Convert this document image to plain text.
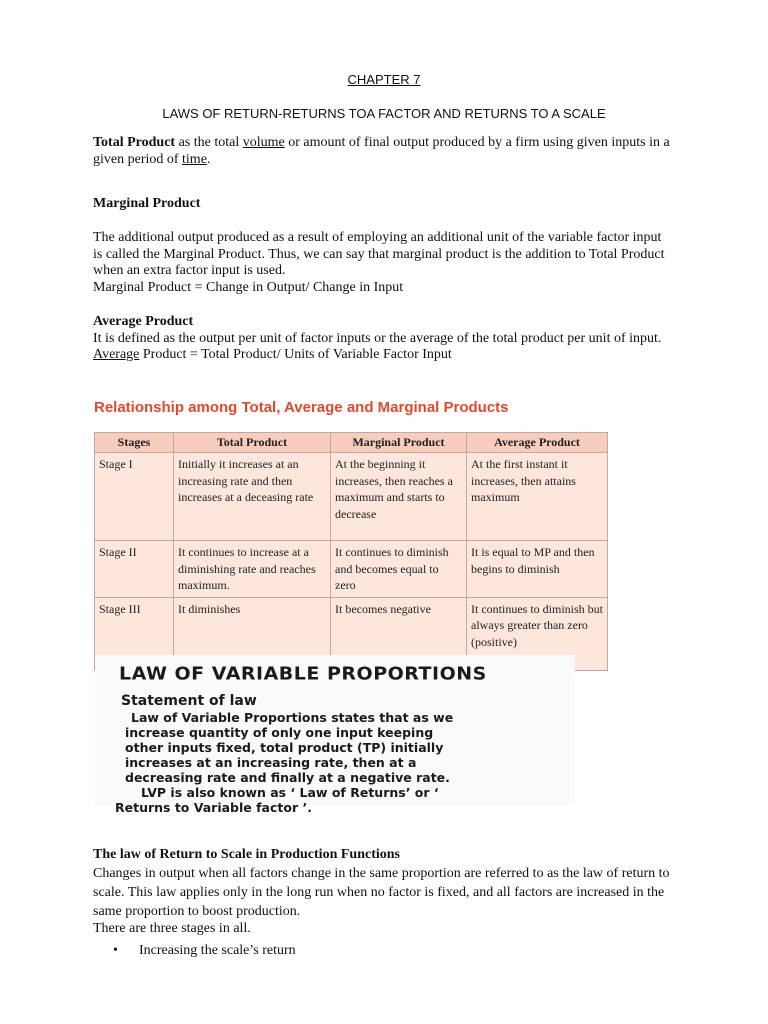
CHAPTER 7
LAWS OF RETURN-RETURNS TOA FACTOR AND RETURNS TO A SCALE

Total Product as the total volume or amount of final output produced by a firm using given inputs in a given period of time.

Marginal Product

The additional output produced as a result of employing an additional unit of the variable factor input is called the Marginal Product. Thus, we can say that marginal product is the addition to Total Product when an extra factor input is used.

Marginal Product = Change in Output/ Change in Input

Average Product

It is defined as the output per unit of factor inputs or the average of the total product per unit of input.

Average Product = Total Product/ Units of Variable Factor Input

Relationship among Total, Average and Marginal Products
Stages	Total Product	Marginal Product	Average Product
Stage I	Initially it increases at an increasing rate and then increases at a deceasing rate	At the beginning it increases, then reaches a maximum and starts to decrease	At the first instant it increases, then attains maximum
Stage II	It continues to increase at a diminishing rate and reaches maximum.	It continues to diminish and becomes equal to zero	It is equal to MP and then begins to diminish
Stage III	It diminishes	It becomes negative	It continues to diminish but always greater than zero (positive)
LAW OF VARIABLE PROPORTIONS
Statement of law

Law of Variable Proportions states that as we

increase quantity of only one input keeping

other inputs fixed, total product (TP) initially

increases at an increasing rate, then at a

decreasing rate and finally at a negative rate.

LVP is also known as ‘ Law of Returns’ or ‘

Returns to Variable factor ’.

The law of Return to Scale in Production Functions

Changes in output when all factors change in the same proportion are referred to as the law of return to scale. This law applies only in the long run when no factor is fixed, and all factors are increased in the same proportion to boost production.

There are three stages in all.

• Increasing the scale’s return
